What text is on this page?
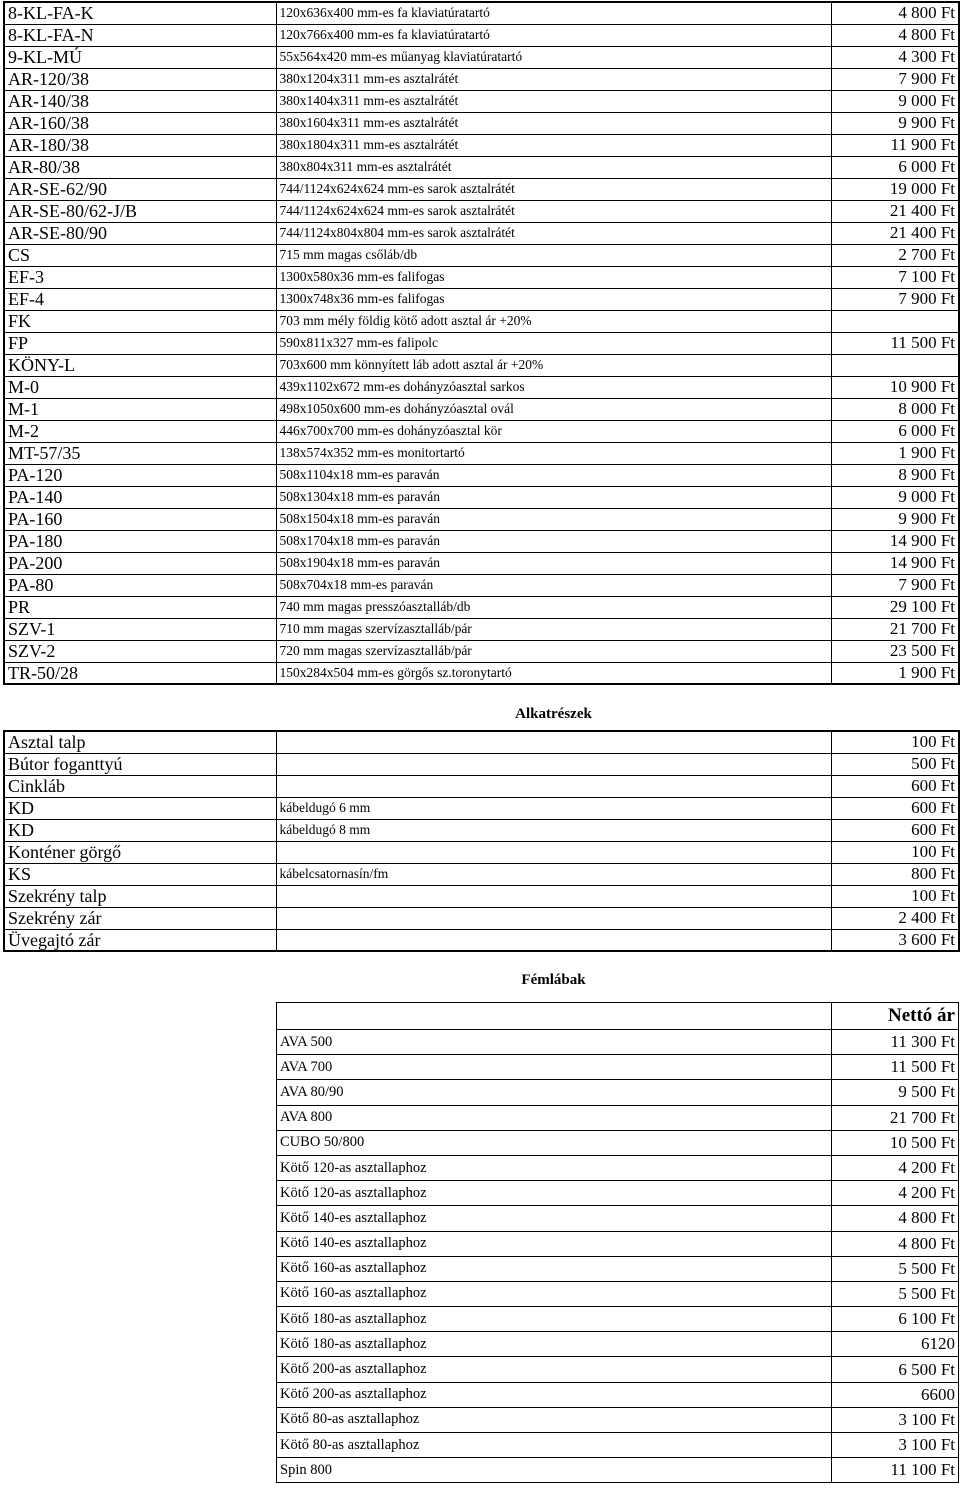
8-KL-FA-K	120x636x400 mm-es fa klaviatúratartó	4 800 Ft
8-KL-FA-N	120x766x400 mm-es fa klaviatúratartó	4 800 Ft
9-KL-MÚ	55x564x420 mm-es műanyag klaviatúratartó	4 300 Ft
AR-120/38	380x1204x311 mm-es asztalrátét	7 900 Ft
AR-140/38	380x1404x311 mm-es asztalrátét	9 000 Ft
AR-160/38	380x1604x311 mm-es asztalrátét	9 900 Ft
AR-180/38	380x1804x311 mm-es asztalrátét	11 900 Ft
AR-80/38	380x804x311 mm-es asztalrátét	6 000 Ft
AR-SE-62/90	744/1124x624x624 mm-es sarok asztalrátét	19 000 Ft
AR-SE-80/62-J/B	744/1124x624x624 mm-es sarok asztalrátét	21 400 Ft
AR-SE-80/90	744/1124x804x804 mm-es sarok asztalrátét	21 400 Ft
CS	715 mm magas csőláb/db	2 700 Ft
EF-3	1300x580x36 mm-es falifogas	7 100 Ft
EF-4	1300x748x36 mm-es falifogas	7 900 Ft
FK	703 mm mély földig kötő adott asztal ár +20%	
FP	590x811x327 mm-es falipolc	11 500 Ft
KÖNY-L	703x600 mm könnyített láb adott asztal ár +20%	
M-0	439x1102x672 mm-es dohányzóasztal sarkos	10 900 Ft
M-1	498x1050x600 mm-es dohányzóasztal ovál	8 000 Ft
M-2	446x700x700 mm-es dohányzóasztal kör	6 000 Ft
MT-57/35	138x574x352 mm-es monitortartó	1 900 Ft
PA-120	508x1104x18 mm-es paraván	8 900 Ft
PA-140	508x1304x18 mm-es paraván	9 000 Ft
PA-160	508x1504x18 mm-es paraván	9 900 Ft
PA-180	508x1704x18 mm-es paraván	14 900 Ft
PA-200	508x1904x18 mm-es paraván	14 900 Ft
PA-80	508x704x18 mm-es paraván	7 900 Ft
PR	740 mm magas presszóasztalláb/db	29 100 Ft
SZV-1	710 mm magas szervízasztalláb/pár	21 700 Ft
SZV-2	720 mm magas szervízasztalláb/pár	23 500 Ft
TR-50/28	150x284x504 mm-es görgős sz.toronytartó	1 900 Ft
Alkatrészek
Asztal talp		100 Ft
Bútor foganttyú		500 Ft
Cinkláb		600 Ft
KD	kábeldugó 6 mm	600 Ft
KD	kábeldugó 8 mm	600 Ft
Konténer görgő		100 Ft
KS	kábelcsatornasín/fm	800 Ft
Szekrény talp		100 Ft
Szekrény zár		2 400 Ft
Üvegajtó zár		3 600 Ft
Fémlábak
	Nettó ár
AVA 500	11 300 Ft
AVA 700	11 500 Ft
AVA 80/90	9 500 Ft
AVA 800	21 700 Ft
CUBO 50/800	10 500 Ft
Kötő 120-as asztallaphoz	4 200 Ft
Kötő 120-as asztallaphoz	4 200 Ft
Kötő 140-es asztallaphoz	4 800 Ft
Kötő 140-es asztallaphoz	4 800 Ft
Kötő 160-as asztallaphoz	5 500 Ft
Kötő 160-as asztallaphoz	5 500 Ft
Kötő 180-as asztallaphoz	6 100 Ft
Kötő 180-as asztallaphoz	6120
Kötő 200-as asztallaphoz	6 500 Ft
Kötő 200-as asztallaphoz	6600
Kötő 80-as asztallaphoz	3 100 Ft
Kötő 80-as asztallaphoz	3 100 Ft
Spin 800	11 100 Ft
